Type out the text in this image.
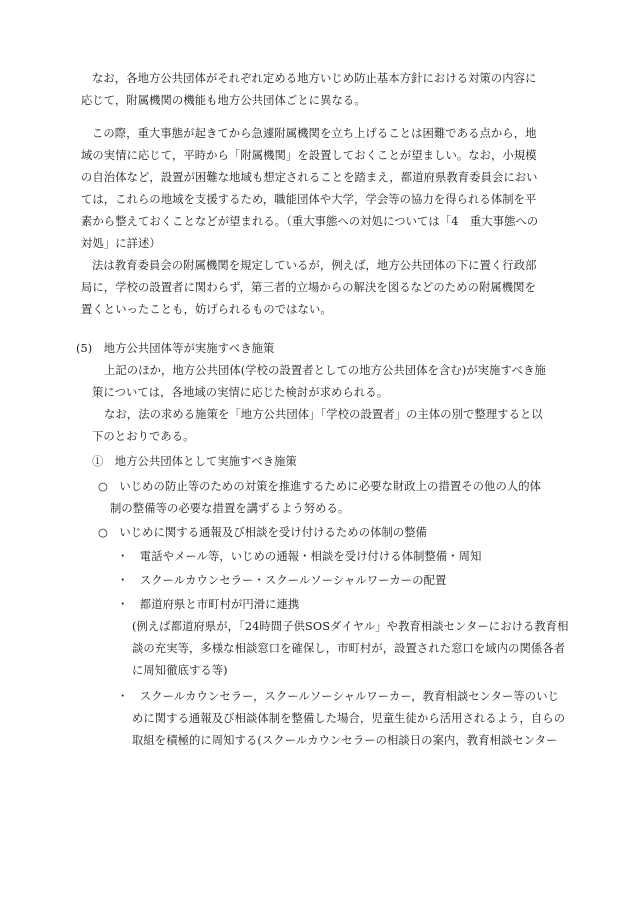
なお，各地方公共団体がそれぞれ定める地方いじめ防止基本方針における対策の内容に
応じて，附属機関の機能も地方公共団体ごとに異なる。
この際，重大事態が起きてから急遽附属機関を立ち上げることは困難である点から，地
域の実情に応じて，平時から「附属機関」を設置しておくことが望ましい。なお，小規模
の自治体など，設置が困難な地域も想定されることを踏まえ，都道府県教育委員会におい
ては，これらの地域を支援するため，職能団体や大学，学会等の協力を得られる体制を平
素から整えておくことなどが望まれる。（重大事態への対処については「4　重大事態への
対処」に詳述）
法は教育委員会の附属機関を規定しているが，例えば，地方公共団体の下に置く行政部
局に，学校の設置者に関わらず，第三者的立場からの解決を図るなどのための附属機関を
置くといったことも，妨げられるものではない。
(5)　地方公共団体等が実施すべき施策
上記のほか，地方公共団体(学校の設置者としての地方公共団体を含む)が実施すべき施
策については，各地域の実情に応じた検討が求められる。
なお，法の求める施策を「地方公共団体」「学校の設置者」の主体の別で整理すると以
下のとおりである。
①　地方公共団体として実施すべき施策
○　いじめの防止等のための対策を推進するために必要な財政上の措置その他の人的体
制の整備等の必要な措置を講ずるよう努める。
○　いじめに関する通報及び相談を受け付けるための体制の整備
・　電話やメール等，いじめの通報・相談を受け付ける体制整備・周知
・　スクールカウンセラー・スクールソーシャルワーカーの配置
・　都道府県と市町村が円滑に連携
(例えば都道府県が，「24時間子供SOSダイヤル」や教育相談センターにおける教育相
談の充実等，多様な相談窓口を確保し，市町村が，設置された窓口を域内の関係各者
に周知徹底する等)
・　スクールカウンセラー，スクールソーシャルワーカー，教育相談センター等のいじ
めに関する通報及び相談体制を整備した場合，児童生徒から活用されるよう，自らの
取組を積極的に周知する(スクールカウンセラーの相談日の案内，教育相談センター
